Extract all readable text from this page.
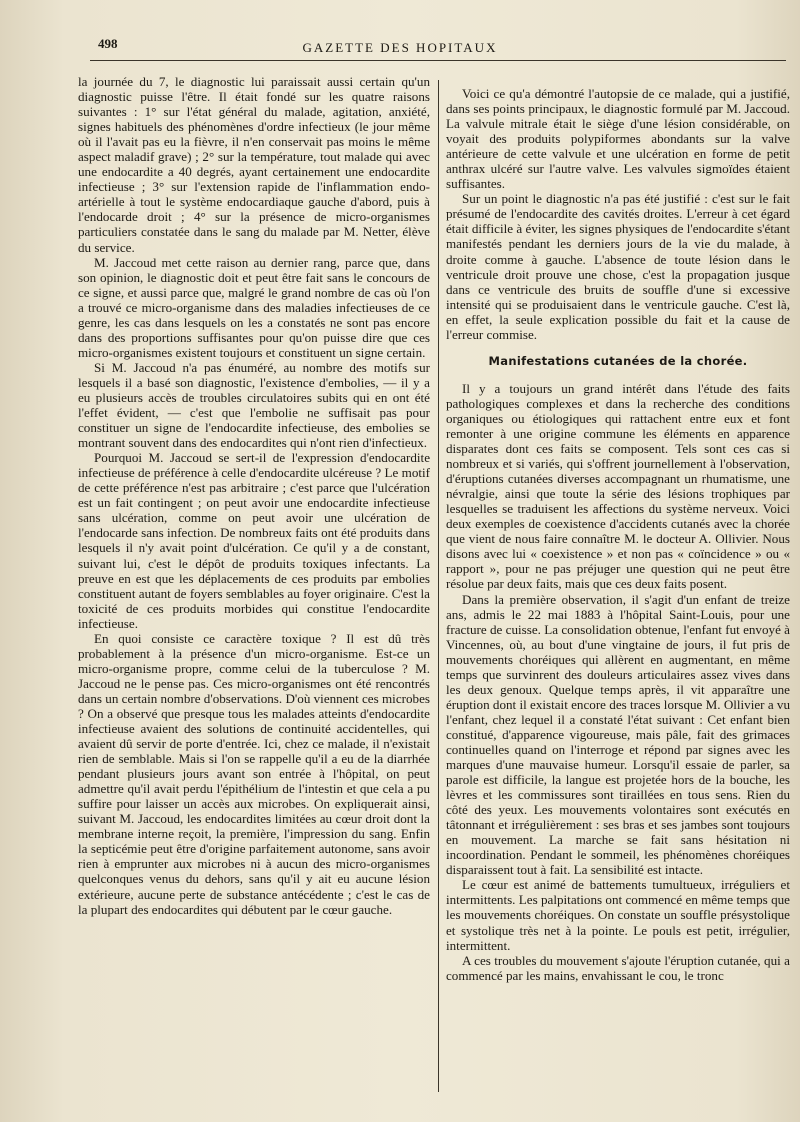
498	GAZETTE DES HOPITAUX

la journée du 7, le diagnostic lui paraissait aussi certain qu'un diagnostic puisse l'être. Il était fondé sur les quatre raisons suivantes : 1° sur l'état général du malade, agitation, anxiété, signes habituels des phénomènes d'ordre infectieux (le jour même où il l'avait pas eu la fièvre, il n'en conservait pas moins le même aspect maladif grave) ; 2° sur la température, tout malade qui avec une endocardite a 40 degrés, ayant certainement une endocardite infectieuse ; 3° sur l'extension rapide de l'inflammation endo-artérielle à tout le système endocardiaque gauche d'abord, puis à l'endocarde droit ; 4° sur la présence de micro-organismes particuliers constatée dans le sang du malade par M. Netter, élève du service.

M. Jaccoud met cette raison au dernier rang, parce que, dans son opinion, le diagnostic doit et peut être fait sans le concours de ce signe, et aussi parce que, malgré le grand nombre de cas où l'on a trouvé ce micro-organisme dans des maladies infectieuses de ce genre, les cas dans lesquels on les a constatés ne sont pas encore dans des proportions suffisantes pour qu'on puisse dire que ces micro-organismes existent toujours et constituent un signe certain.

Si M. Jaccoud n'a pas énuméré, au nombre des motifs sur lesquels il a basé son diagnostic, l'existence d'embolies, — il y a eu plusieurs accès de troubles circulatoires subits qui en ont été l'effet évident, — c'est que l'embolie ne suffisait pas pour constituer un signe de l'endocardite infectieuse, des embolies se montrant souvent dans des endocardites qui n'ont rien d'infectieux.

Pourquoi M. Jaccoud se sert-il de l'expression d'endocardite infectieuse de préférence à celle d'endocardite ulcéreuse ? Le motif de cette préférence n'est pas arbitraire ; c'est parce que l'ulcération est un fait contingent ; on peut avoir une endocardite infectieuse sans ulcération, comme on peut avoir une ulcération de l'endocarde sans infection. De nombreux faits ont été produits dans lesquels il n'y avait point d'ulcération. Ce qu'il y a de constant, suivant lui, c'est le dépôt de produits toxiques infectants. La preuve en est que les déplacements de ces produits par embolies constituent autant de foyers semblables au foyer originaire. C'est la toxicité de ces produits morbides qui constitue l'endocardite infectieuse.

En quoi consiste ce caractère toxique ? Il est dû très probablement à la présence d'un micro-organisme. Est-ce un micro-organisme propre, comme celui de la tuberculose ? M. Jaccoud ne le pense pas. Ces micro-organismes ont été rencontrés dans un certain nombre d'observations. D'où viennent ces microbes ? On a observé que presque tous les malades atteints d'endocardite infectieuse avaient des solutions de continuité accidentelles, qui avaient dû servir de porte d'entrée. Ici, chez ce malade, il n'existait rien de semblable. Mais si l'on se rappelle qu'il a eu de la diarrhée pendant plusieurs jours avant son entrée à l'hôpital, on peut admettre qu'il avait perdu l'épithélium de l'intestin et que cela a pu suffire pour laisser un accès aux microbes. On expliquerait ainsi, suivant M. Jaccoud, les endocardites limitées au cœur droit dont la membrane interne reçoit, la première, l'impression du sang. Enfin la septicémie peut être d'origine parfaitement autonome, sans avoir rien à emprunter aux microbes ni à aucun des micro-organismes quelconques venus du dehors, sans qu'il y ait eu aucune lésion extérieure, aucune perte de substance antécédente ; c'est le cas de la plupart des endocardites qui débutent par le cœur gauche.

Voici ce qu'a démontré l'autopsie de ce malade, qui a justifié, dans ses points principaux, le diagnostic formulé par M. Jaccoud. La valvule mitrale était le siège d'une lésion considérable, on voyait des produits polypiformes abondants sur la valve antérieure de cette valvule et une ulcération en forme de petit anthrax ulcéré sur l'autre valve. Les valvules sigmoïdes étaient suffisantes.

Sur un point le diagnostic n'a pas été justifié : c'est sur le fait présumé de l'endocardite des cavités droites. L'erreur à cet égard était difficile à éviter, les signes physiques de l'endocardite s'étant manifestés pendant les derniers jours de la vie du malade, à droite comme à gauche. L'absence de toute lésion dans le ventricule droit prouve une chose, c'est la propagation jusque dans ce ventricule des bruits de souffle d'une si excessive intensité qui se produisaient dans le ventricule gauche. C'est là, en effet, la seule explication possible du fait et la cause de l'erreur commise.

Manifestations cutanées de la chorée.

Il y a toujours un grand intérêt dans l'étude des faits pathologiques complexes et dans la recherche des conditions organiques ou étiologiques qui rattachent entre eux et font remonter à une origine commune les éléments en apparence disparates dont ces faits se composent. Tels sont ces cas si nombreux et si variés, qui s'offrent journellement à l'observation, d'éruptions cutanées diverses accompagnant un rhumatisme, une névralgie, ainsi que toute la série des lésions trophiques par lesquelles se traduisent les affections du système nerveux. Voici deux exemples de coexistence d'accidents cutanés avec la chorée que vient de nous faire connaître M. le docteur A. Ollivier. Nous disons avec lui « coexistence » et non pas « coïncidence » ou « rapport », pour ne pas préjuger une question qui ne peut être résolue par deux faits, mais que ces deux faits posent.

Dans la première observation, il s'agit d'un enfant de treize ans, admis le 22 mai 1883 à l'hôpital Saint-Louis, pour une fracture de cuisse. La consolidation obtenue, l'enfant fut envoyé à Vincennes, où, au bout d'une vingtaine de jours, il fut pris de mouvements choréiques qui allèrent en augmentant, en même temps que survinrent des douleurs articulaires assez vives dans les deux genoux. Quelque temps après, il vit apparaître une éruption dont il existait encore des traces lorsque M. Ollivier a vu l'enfant, chez lequel il a constaté l'état suivant : Cet enfant bien constitué, d'apparence vigoureuse, mais pâle, fait des grimaces continuelles quand on l'interroge et répond par signes avec les marques d'une mauvaise humeur. Lorsqu'il essaie de parler, sa parole est difficile, la langue est projetée hors de la bouche, les lèvres et les commissures sont tiraillées en tous sens. Rien du côté des yeux. Les mouvements volontaires sont exécutés en tâtonnant et irrégulièrement : ses bras et ses jambes sont toujours en mouvement. La marche se fait sans hésitation ni incoordination. Pendant le sommeil, les phénomènes choréiques disparaissent tout à fait. La sensibilité est intacte.

Le cœur est animé de battements tumultueux, irréguliers et intermittents. Les palpitations ont commencé en même temps que les mouvements choréiques. On constate un souffle présystolique et systolique très net à la pointe. Le pouls est petit, irrégulier, intermittent.

A ces troubles du mouvement s'ajoute l'éruption cutanée, qui a commencé par les mains, envahissant le cou, le tronc
